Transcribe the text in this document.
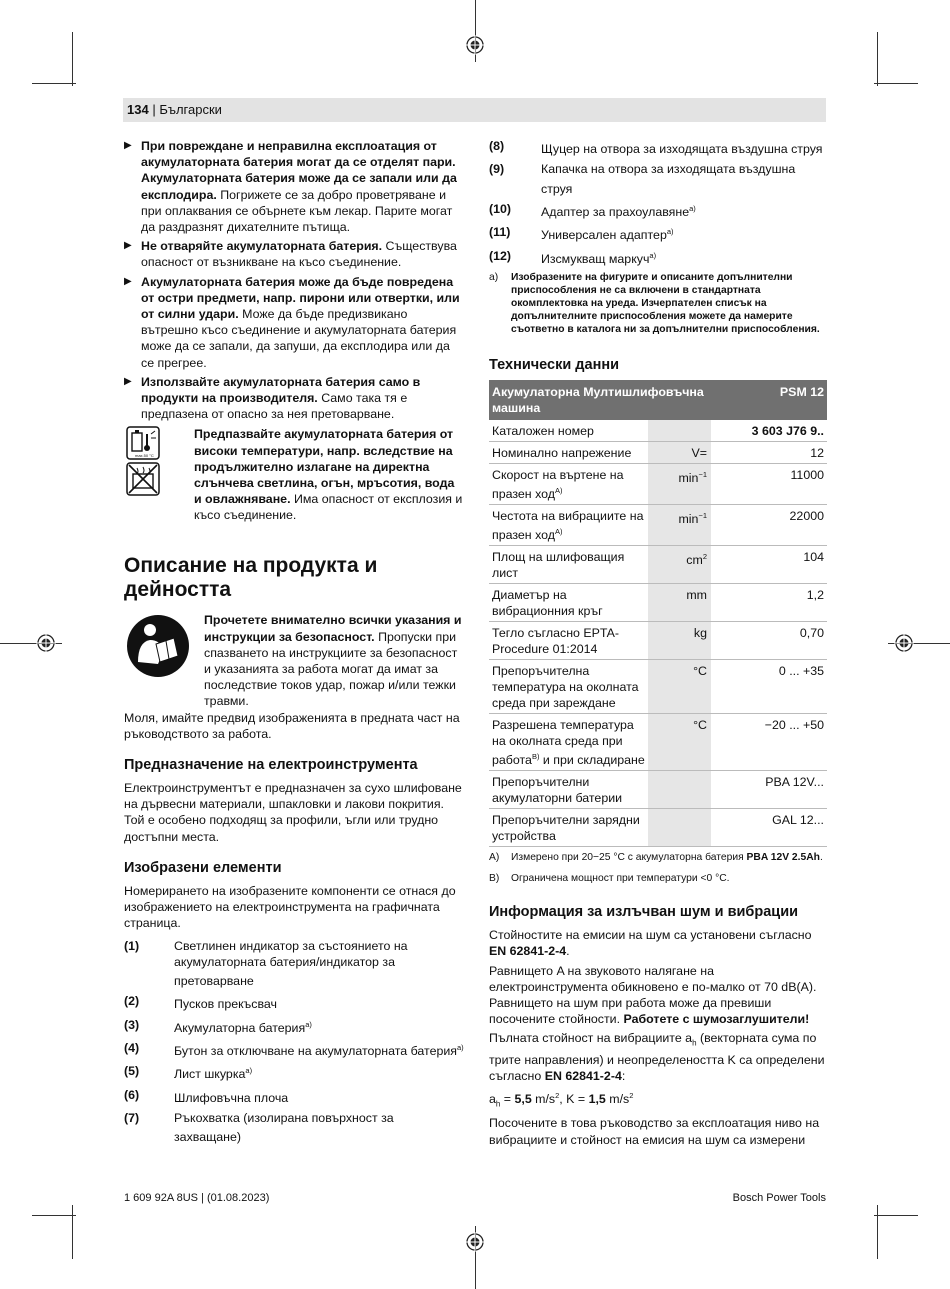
134 | Български
▶ При повреждане и неправилна експлоатация от акумулаторната батерия могат да се отделят пари. Акумулаторната батерия може да се запали или да експлодира. Погрижете се за добро проветряване и при оплаквания се обърнете към лекар. Парите могат да раздразнят дихателните пътища.
▶ Не отваряйте акумулаторната батерия. Съществува опасност от възникване на късо съединение.
▶ Акумулаторната батерия може да бъде повредена от остри предмети, напр. пирони или отвертки, или от силни удари. Може да бъде предизвикано вътрешно късо съединение и акумулаторната батерия може да се запали, да запуши, да експлодира или да се прегрее.
▶ Използвайте акумулаторната батерия само в продукти на производителя. Само така тя е предпазена от опасно за нея претоварване.
max.50 °C
Предпазвайте акумулаторната батерия от високи температури, напр. вследствие на продължително излагане на директна слънчева светлина, огън, мръсотия, вода и овлажняване. Има опасност от експлозия и късо съединение.
Описание на продукта и дейността
Прочетете внимателно всички указания и инструкции за безопасност. Пропуски при спазването на инструкциите за безопасност и указанията за работа могат да имат за последствие токов удар, пожар и/или тежки травми.

Моля, имайте предвид изображенията в предната част на ръководството за работа.

Предназначение на електроинструмента

Електроинструментът е предназначен за сухо шлифоване на дървесни материали, шпакловки и лакови покрития. Той е особено подходящ за профили, ъгли или трудно достъпни места.

Изобразени елементи

Номерирането на изобразените компоненти се отнася до изображението на електроинструмента на графичната страница.

(1)	Светлинен индикатор за състоянието на акумулаторната батерия/индикатор за претоварване
(2)	Пусков прекъсвач
(3)	Акумулаторна батерия$^{a)}$
(4)	Бутон за отключване на акумулаторната батерия$^{a)}$
(5)	Лист шкурка$^{a)}$
(6)	Шлифовъчна плоча
(7)	Ръкохватка (изолирана повърхност за захващане)
(8)	Щуцер на отвора за изходящата въздушна струя
(9)	Капачка на отвора за изходящата въздушна струя
(10)	Адаптер за прахоулавяне$^{a)}$
(11)	Универсален адаптер$^{a)}$
(12)	Изсмукващ маркуч$^{a)}$
a)	Изобразените на фигурите и описаните допълнителни приспособления не са включени в стандартната окомплектовка на уреда. Изчерпателен списък на допълнителните приспособления можете да намерите съответно в каталога ни за допълнителни приспособления.
Технически данни
Акумулаторна Мултишлифовъчна машина		PSM 12
Каталожен номер		3 603 J76 9..
Номинално напрежение	V=	12
Скорост на въртене на празен ход$^{A)}$	$\min^{-1}$	11000
Честота на вибрациите на празен ход$^{A)}$	$\min^{-1}$	22000
Площ на шлифоващия лист	$cm^2$	104
Диаметър на вибрационния кръг	mm	1,2
Тегло съгласно EPTA-Procedure 01:2014	kg	0,70
Препоръчителна температура на околната среда при зареждане	°C	0 ... +35
Разрешена температура на околната среда при работа$^{B)}$ и при складиране	°C	−20 ... +50
Препоръчителни акумулаторни батерии		PBA 12V...
Препоръчителни зарядни устройства		GAL 12...
A)	Измерено при 20−25 °C с акумулаторна батерия PBA 12V 2.5Ah.
B)	Ограничена мощност при температури <0 °C.
Информация за излъчван шум и вибрации

Стойностите на емисии на шум са установени съгласно EN 62841-2-4.

Равнището A на звуковото налягане на електроинструмента обикновено е по-малко от 70 dB(A). Равнището на шум при работа може да превиши посочените стойности. Работете с шумозаглушители!

Пълната стойност на вибрациите $a_h$ (векторната сума по трите направления) и неопределеността K са определени съгласно EN 62841-2-4:

$a_h = 5,5$ $m/s^2$, K = 1,5 $m/s^2$

Посочените в това ръководство за експлоатация ниво на вибрациите и стойност на емисия на шум са измерени

1 609 92A 8US | (01.08.2023)	Bosch Power Tools
